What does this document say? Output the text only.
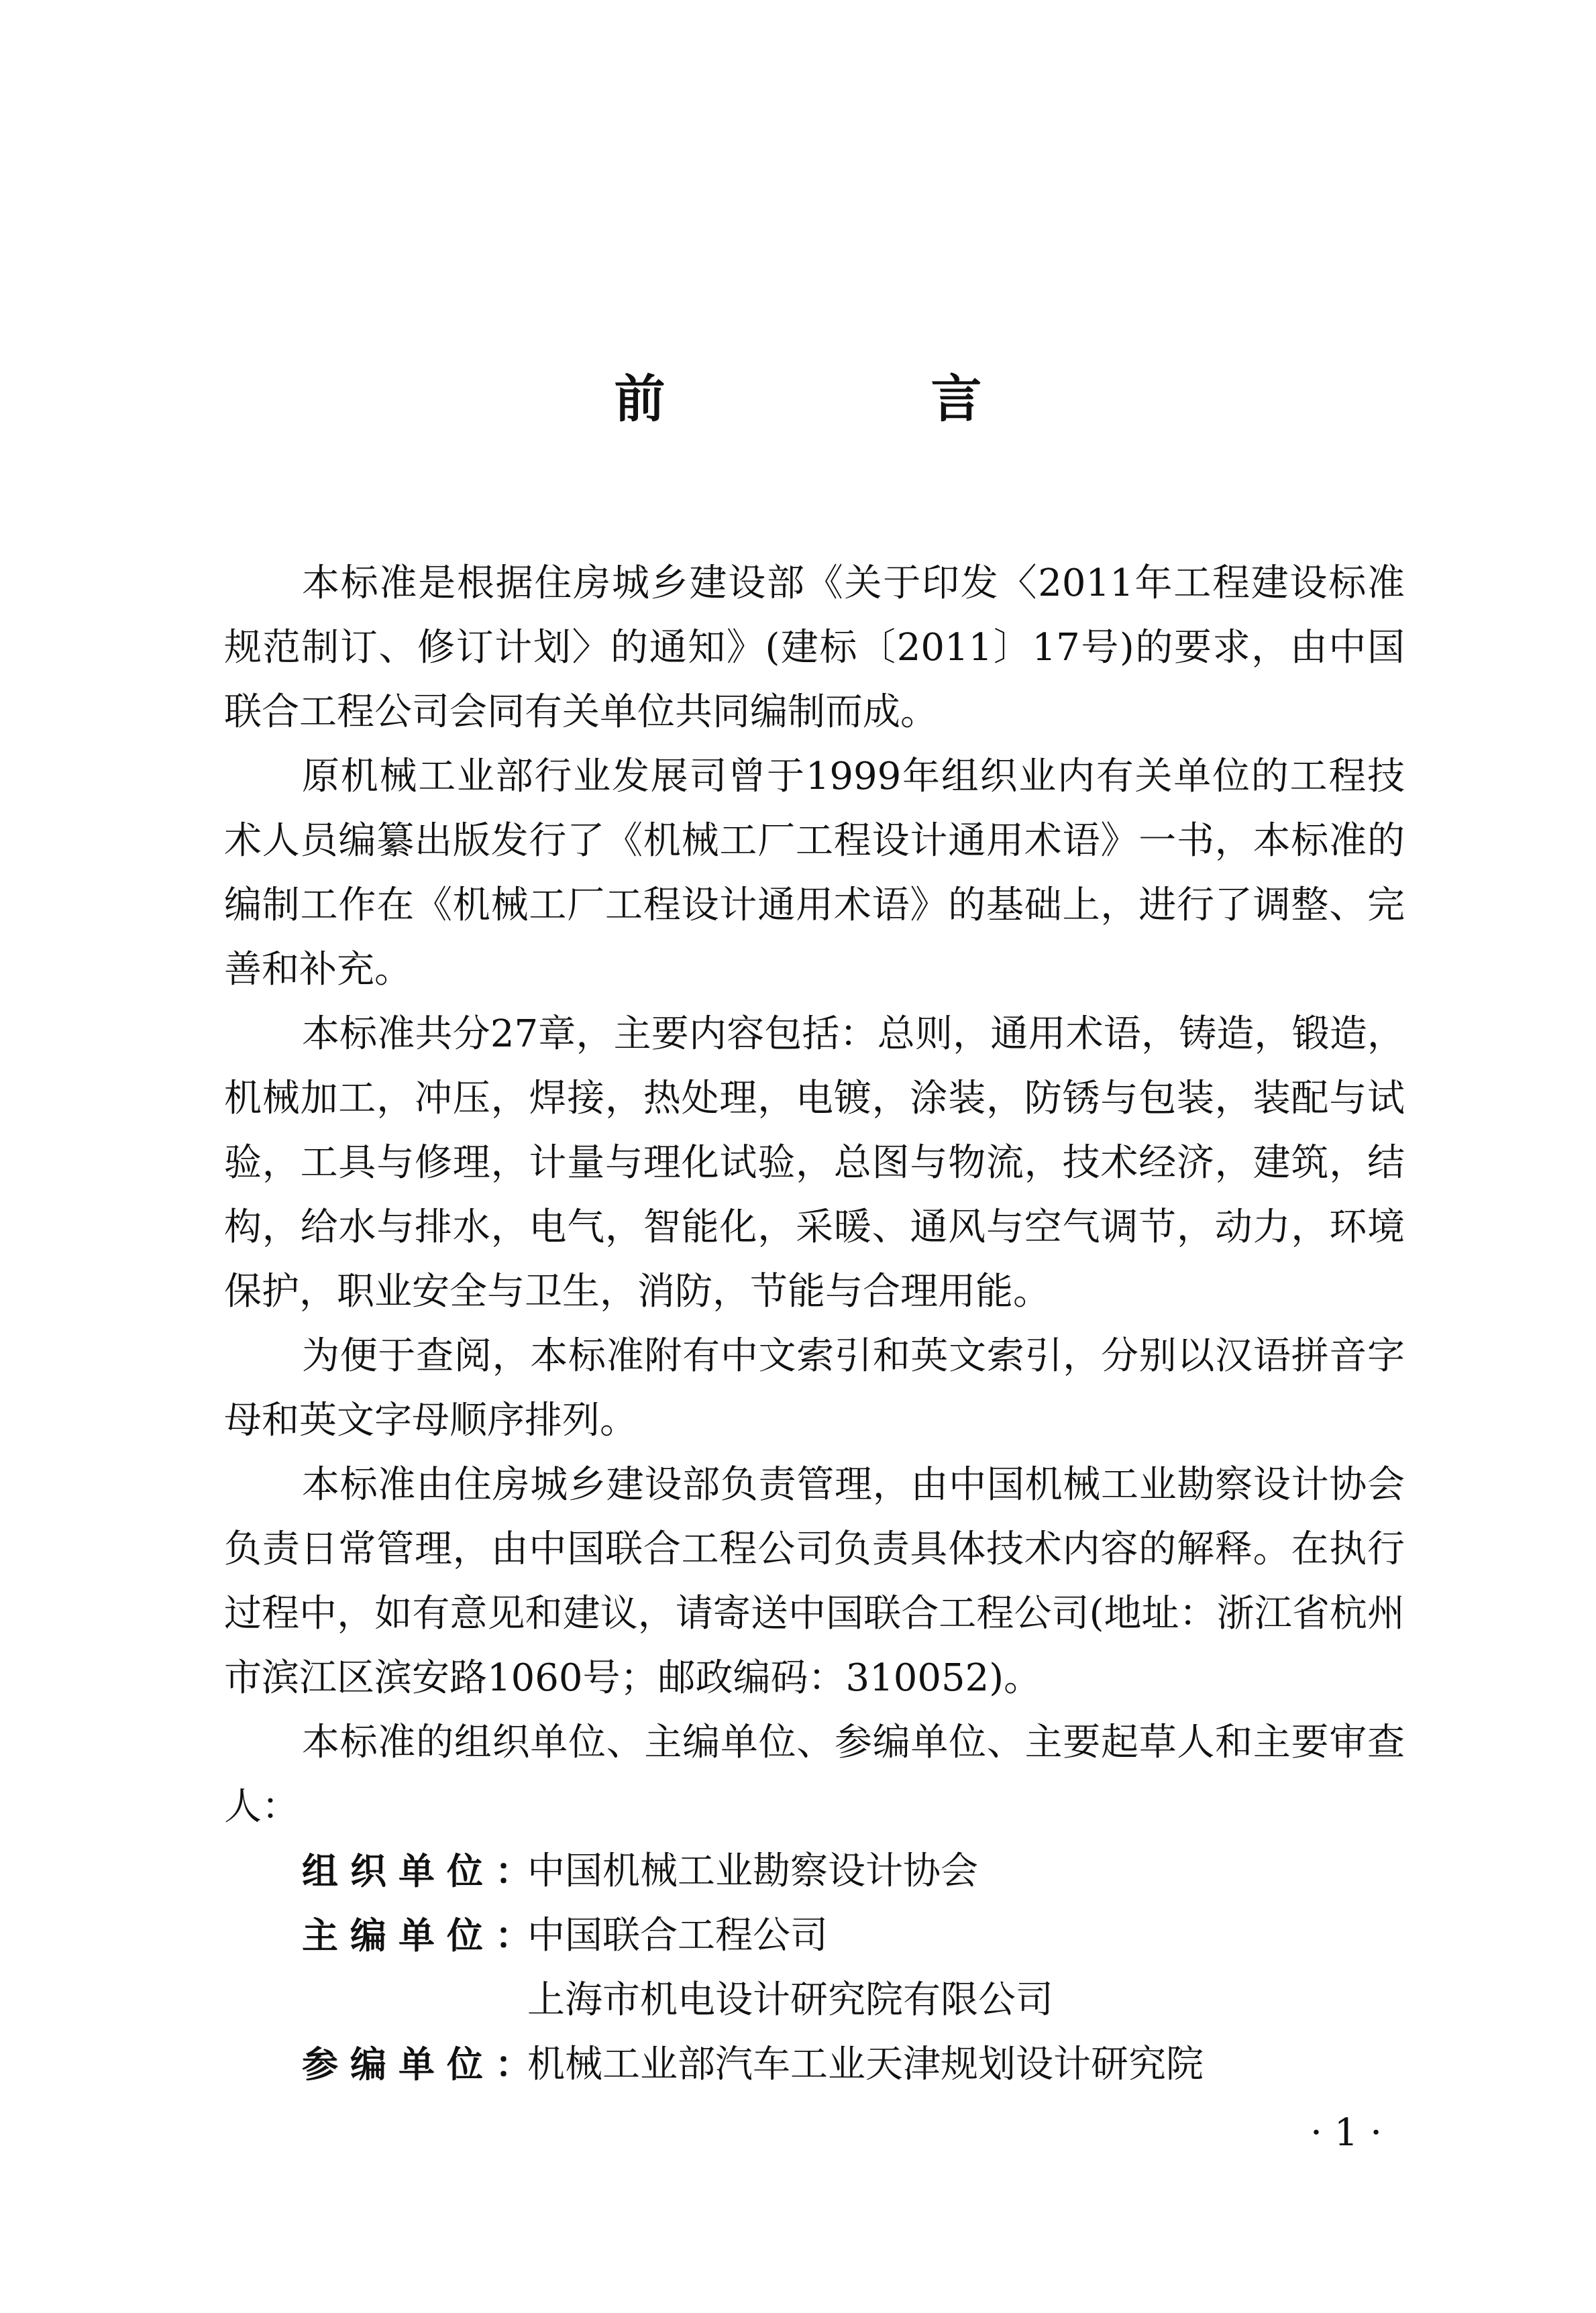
前　言

本标准是根据住房城乡建设部《关于印发〈2011年工程建设标准规范制订、修订计划〉的通知》(建标〔2011〕17号)的要求，由中国联合工程公司会同有关单位共同编制而成。

原机械工业部行业发展司曾于1999年组织业内有关单位的工程技术人员编纂出版发行了《机械工厂工程设计通用术语》一书，本标准的编制工作在《机械工厂工程设计通用术语》的基础上，进行了调整、完善和补充。

本标准共分27章，主要内容包括：总则，通用术语，铸造，锻造，机械加工，冲压，焊接，热处理，电镀，涂装，防锈与包装，装配与试验，工具与修理，计量与理化试验，总图与物流，技术经济，建筑，结构，给水与排水，电气，智能化，采暖、通风与空气调节，动力，环境保护，职业安全与卫生，消防，节能与合理用能。

为便于查阅，本标准附有中文索引和英文索引，分别以汉语拼音字母和英文字母顺序排列。

本标准由住房城乡建设部负责管理，由中国机械工业勘察设计协会负责日常管理，由中国联合工程公司负责具体技术内容的解释。在执行过程中，如有意见和建议，请寄送中国联合工程公司(地址：浙江省杭州市滨江区滨安路1060号；邮政编码：310052)。

本标准的组织单位、主编单位、参编单位、主要起草人和主要审查人：

组织单位：
中国机械工业勘察设计协会
主编单位：
中国联合工程公司
上海市机电设计研究院有限公司
参编单位：
机械工业部汽车工业天津规划设计研究院
· 1 ·
